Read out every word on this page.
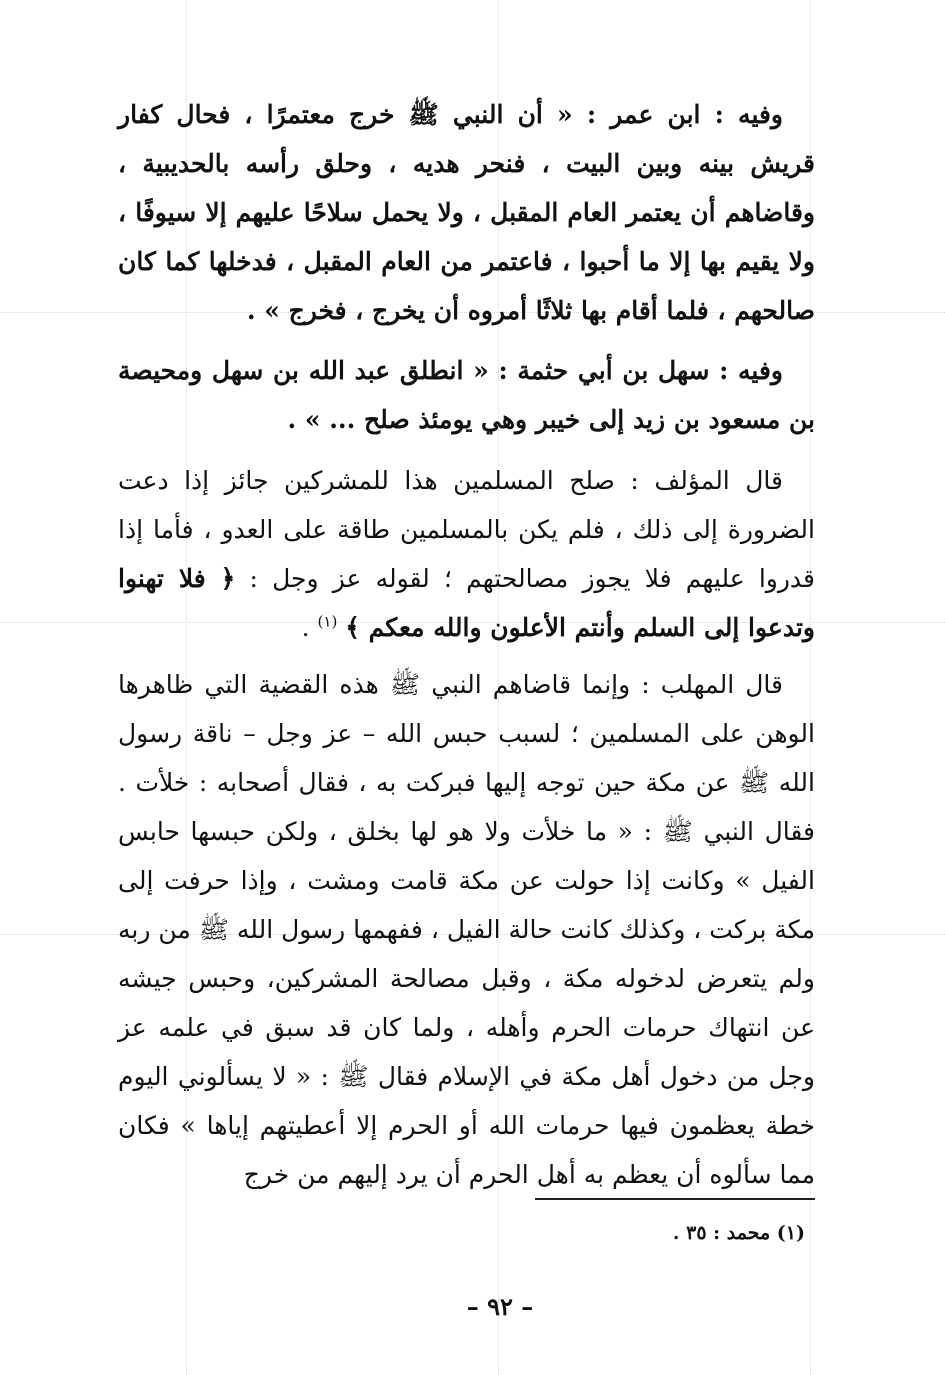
وفيه : ابن عمر : « أن النبي ﷺ خرج معتمرًا ، فحال كفار قريش بينه وبين البيت ، فنحر هديه ، وحلق رأسه بالحديبية ، وقاضاهم أن يعتمر العام المقبل ، ولا يحمل سلاحًا عليهم إلا سيوفًا ، ولا يقيم بها إلا ما أحبوا ، فاعتمر من العام المقبل ، فدخلها كما كان صالحهم ، فلما أقام بها ثلاثًا أمروه أن يخرج ، فخرج » .

وفيه : سهل بن أبي حثمة : « انطلق عبد الله بن سهل ومحيصة بن مسعود بن زيد إلى خيبر وهي يومئذ صلح ... » .

قال المؤلف : صلح المسلمين هذا للمشركين جائز إذا دعت الضرورة إلى ذلك ، فلم يكن بالمسلمين طاقة على العدو ، فأما إذا قدروا عليهم فلا يجوز مصالحتهم ؛ لقوله عز وجل : ﴿ فلا تهنوا وتدعوا إلى السلم وأنتم الأعلون والله معكم ﴾ $^{(١)}$ .

قال المهلب : وإنما قاضاهم النبي ﷺ هذه القضية التي ظاهرها الوهن على المسلمين ؛ لسبب حبس الله – عز وجل – ناقة رسول الله ﷺ عن مكة حين توجه إليها فبركت به ، فقال أصحابه : خلأت . فقال النبي ﷺ : « ما خلأت ولا هو لها بخلق ، ولكن حبسها حابس الفيل » وكانت إذا حولت عن مكة قامت ومشت ، وإذا حرفت إلى مكة بركت ، وكذلك كانت حالة الفيل ، ففهمها رسول الله ﷺ من ربه ولم يتعرض لدخوله مكة ، وقبل مصالحة المشركين، وحبس جيشه عن انتهاك حرمات الحرم وأهله ، ولما كان قد سبق في علمه عز وجل من دخول أهل مكة في الإسلام فقال ﷺ : « لا يسألوني اليوم خطة يعظمون فيها حرمات الله أو الحرم إلا أعطيتهم إياها » فكان مما سألوه أن يعظم به أهل الحرم أن يرد إليهم من خرج

(١) محمد : ٣٥ .
– ٩٢ –
